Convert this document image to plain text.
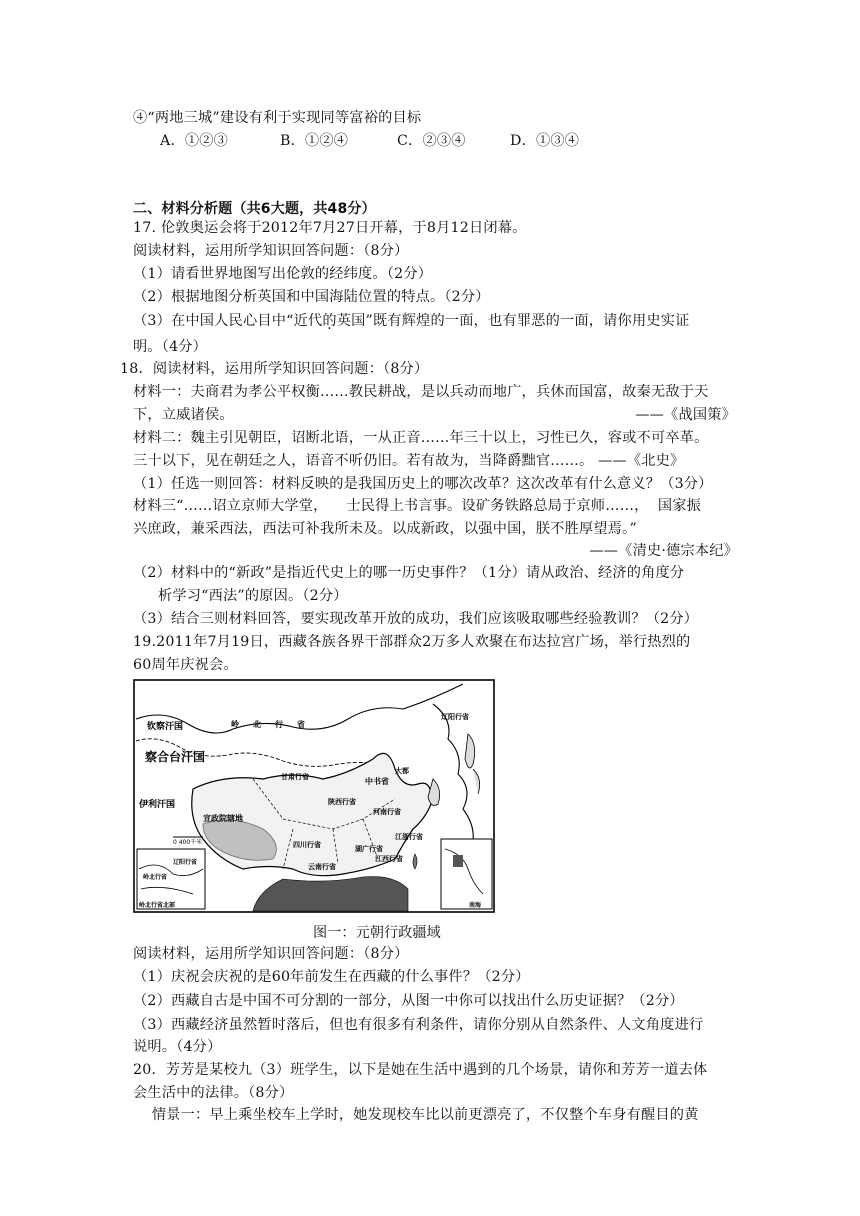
④“两地三城”建设有利于实现同等富裕的目标
A．①②③	B．①②④	C．②③④	D．①③④
二、材料分析题（共6大题，共48分）
17. 伦敦奥运会将于2012年7月27日开幕，于8月12日闭幕。
阅读材料，运用所学知识回答问题：（8分）
（1）请看世界地图写出伦敦的经纬度。（2分）
（2）根据地图分析英国和中国海陆位置的特点。（2分）
（3）在中国人民心目中“近代的英国 ·”既有辉煌的一面，也有罪恶的一面，请你用史实证
明。（4分）
18．阅读材料，运用所学知识回答问题：（8分）
材料一：夫商君为孝公平权衡……教民耕战，是以兵动而地广，兵休而国富，故秦无敌于天
下，立威诸侯。	——《战国策》
材料二：魏主引见朝臣，诏断北语，一从正音……年三十以上，习性已久，容或不可卒革。
三十以下，见在朝廷之人，语音不听仍旧。若有故为，当降爵黜官……。 ——《北史》
（1）任选一则回答：材料反映的是我国历史上的哪次改革？这次改革有什么意义？（3分）
材料三“……诏立京师大学堂，    士民得上书言事。设矿务铁路总局于京师……，  国家振
兴庶政，兼采西法，西法可补我所未及。以成新政，以强中国，朕不胜厚望焉。”
——《清史·德宗本纪》
（2）材料中的“新政”是指近代史上的哪一历史事件？（1分）请从政治、经济的角度分
析学习“西法”的原因。（2分）
（3）结合三则材料回答，要实现改革开放的成功，我们应该吸取哪些经验教训？（2分）
19.2011年7月19日，西藏各族各界干部群众2万多人欢聚在布达拉宫广场，举行热烈的
60周年庆祝会。
钦察汗国	岭北行省
察合台汗国
伊利汗国
甘肃行省	中书省
大都
宣政院辖地
陕西行省
河南行省
四川行省
江浙行省
湖广行省
江西行省
云南行省
辽阳行省
0 400千米
岭北行省北部
岭北行省
辽阳行省
南海
图一：元朝行政疆域
阅读材料，运用所学知识回答问题：（8分）
（1）庆祝会庆祝的是60年前发生在西藏的什么事件？（2分）
（2）西藏自古是中国不可分割的一部分，从图一中你可以找出什么历史证据？（2分）
（3）西藏经济虽然暂时落后，但也有很多有利条件，请你分别从自然条件、人文角度进行
说明。（4分）
20．芳芳是某校九（3）班学生，以下是她在生活中遇到的几个场景，请你和芳芳一道去体
会生活中的法律。（8分）
情景一：早上乘坐校车上学时，她发现校车比以前更漂亮了，不仅整个车身有醒目的黄
